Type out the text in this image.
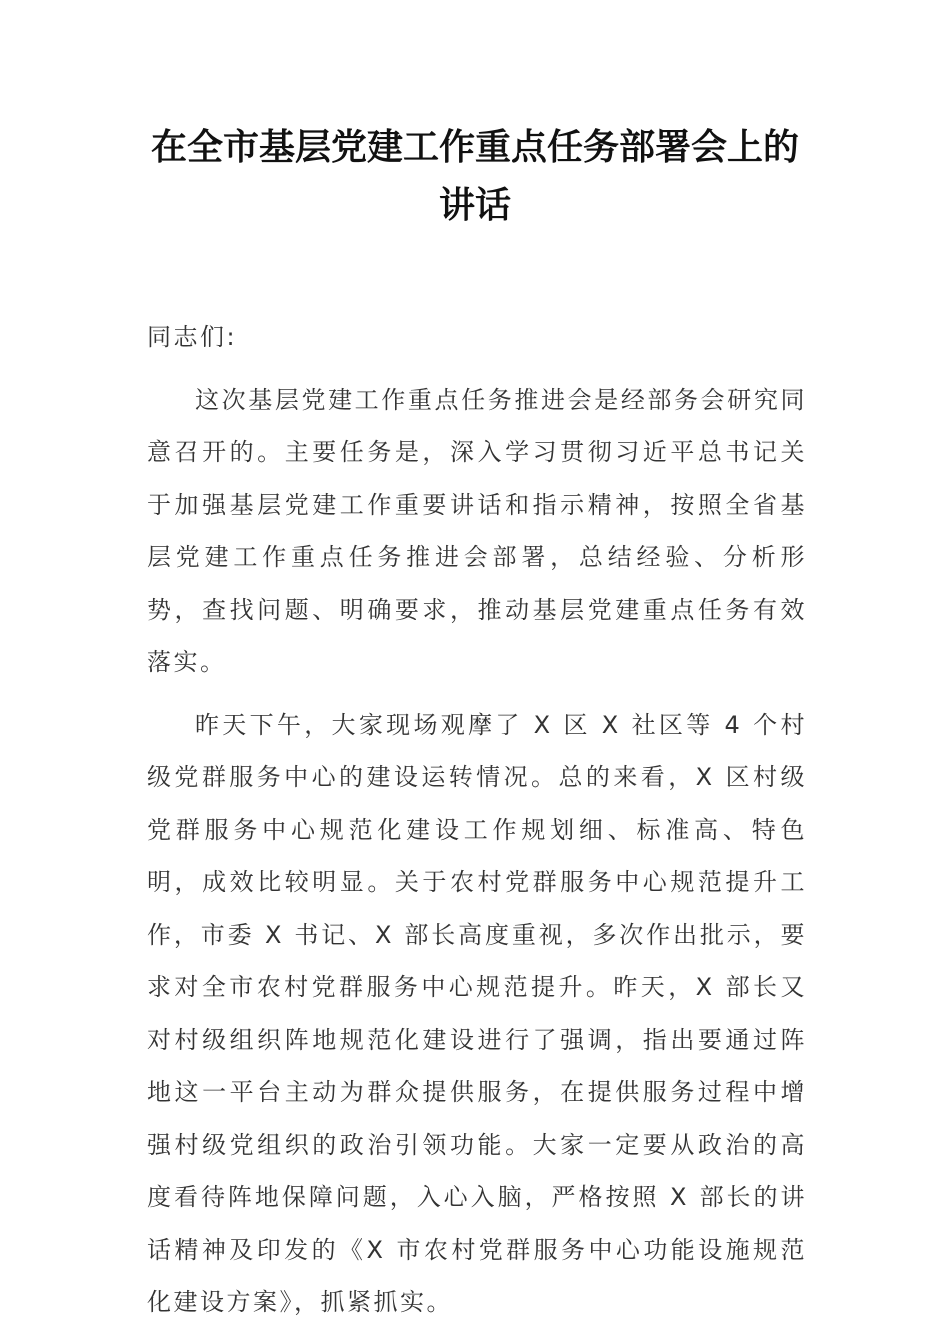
在全市基层党建工作重点任务部署会上的讲话

同志们:

这次基层党建工作重点任务推进会是经部务会研究同意召开的。主要任务是，深入学习贯彻习近平总书记关于加强基层党建工作重要讲话和指示精神，按照全省基层党建工作重点任务推进会部署，总结经验、分析形势，查找问题、明确要求，推动基层党建重点任务有效落实。

昨天下午，大家现场观摩了 X 区 X 社区等 4 个村级党群服务中心的建设运转情况。总的来看，X 区村级党群服务中心规范化建设工作规划细、标准高、特色明，成效比较明显。关于农村党群服务中心规范提升工作，市委 X 书记、X 部长高度重视，多次作出批示，要求对全市农村党群服务中心规范提升。昨天，X 部长又对村级组织阵地规范化建设进行了强调，指出要通过阵地这一平台主动为群众提供服务，在提供服务过程中增强村级党组织的政治引领功能。大家一定要从政治的高度看待阵地保障问题，入心入脑，严格按照 X 部长的讲话精神及印发的《X 市农村党群服务中心功能设施规范化建设方案》，抓紧抓实。
